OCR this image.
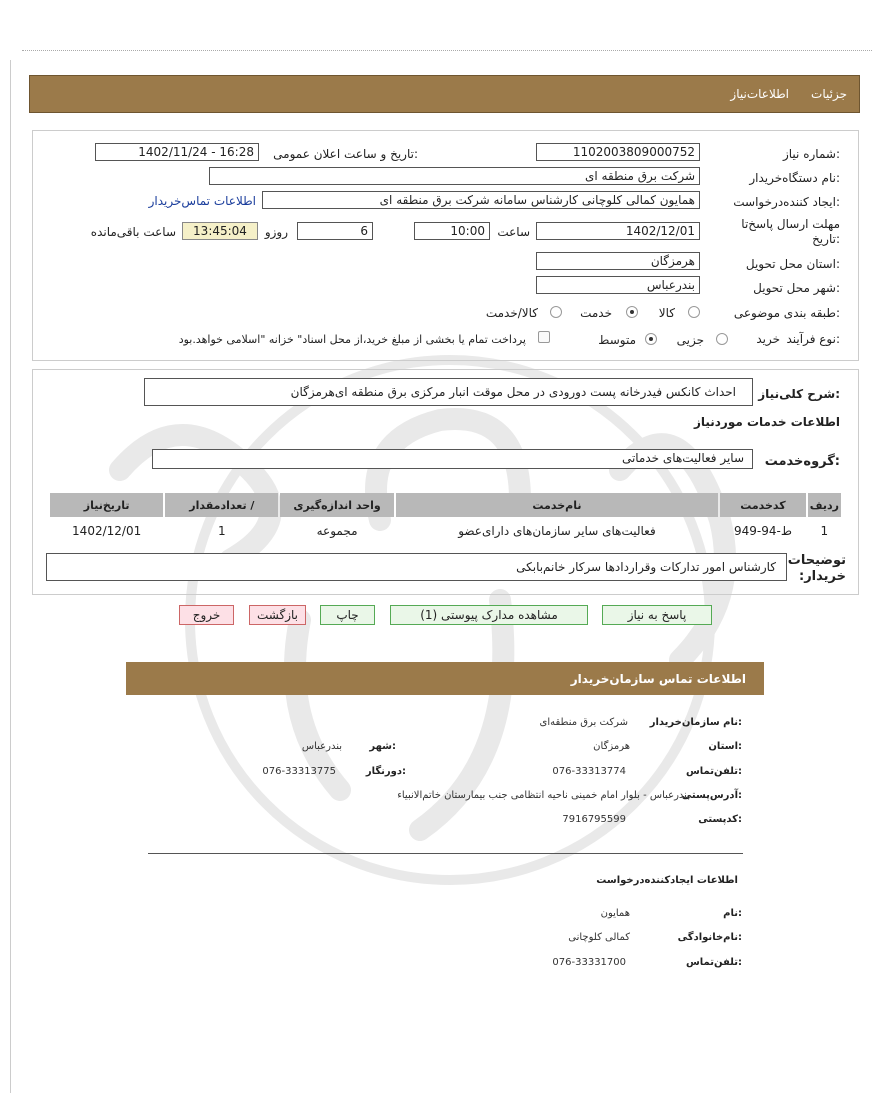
جزئیات
اطلاعات‌نیاز
شماره نیاز:
1102003809000752
تاریخ و ساعت اعلان عمومی:
1402/11/24 - 16:28
نام دستگاه‌خریدار:
شرکت برق منطقه ای
ایجاد کننده‌درخواست:
همایون کمالی کلوچانی کارشناس سامانه شرکت برق منطقه ای
اطلاعات تماس‌خریدار
مهلت ارسال پاسخ‌تا
تاریخ:
1402/12/01
ساعت
10:00
6
روزو
13:45:04
ساعت باقی‌مانده
استان محل تحویل:
هرمزگان
شهر محل تحویل:
بندرعباس
طبقه بندی موضوعی:
کالا
خدمت
کالا/خدمت
نوع فرآیند:
خرید
جزیی
متوسط
پرداخت تمام یا بخشی از مبلغ خرید،از محل اسناد" خزانه "اسلامی خواهد.بود
شرح کلی‌نیاز:
احداث کانکس فیدرخانه پست دورودی در محل موقت انبار مرکزی برق منطقه ای‌هرمزگان
اطلاعات خدمات موردنیاز
گروه‌خدمت:
سایر فعالیت‌های خدماتی
ردیف	کدخدمت	نام‌خدمت	واحد اندازه‌گیری	/ تعدادمقدار	تاریخ‌نیاز
1	ط-94-949	فعالیت‌های سایر سازمان‌های دارای‌عضو	مجموعه	1	1402/12/01
توضیحات
:خریدار
کارشناس امور تدارکات وقراردادها سرکار خانم‌بابکی
پاسخ به نیاز
مشاهده مدارک پیوستی (1)
چاپ
بازگشت
خروج
اطلاعات تماس سازمان‌خریدار
نام سازمان‌خریدار:
شرکت برق منطقه‌ای
استان:
هرمزگان
شهر:
بندرعباس
تلفن‌تماس:
076-33313774
دورنگار:
076-33313775
آدرس‌پستی:
بندرعباس - بلوار امام خمینی ناحیه انتظامی جنب بیمارستان خاتم‌الانبیاء
کدپستی:
7916795599
اطلاعات ایجادکننده‌درخواست
نام:
همایون
نام‌خانوادگی:
کمالی کلوچانی
تلفن‌تماس:
076-33331700
